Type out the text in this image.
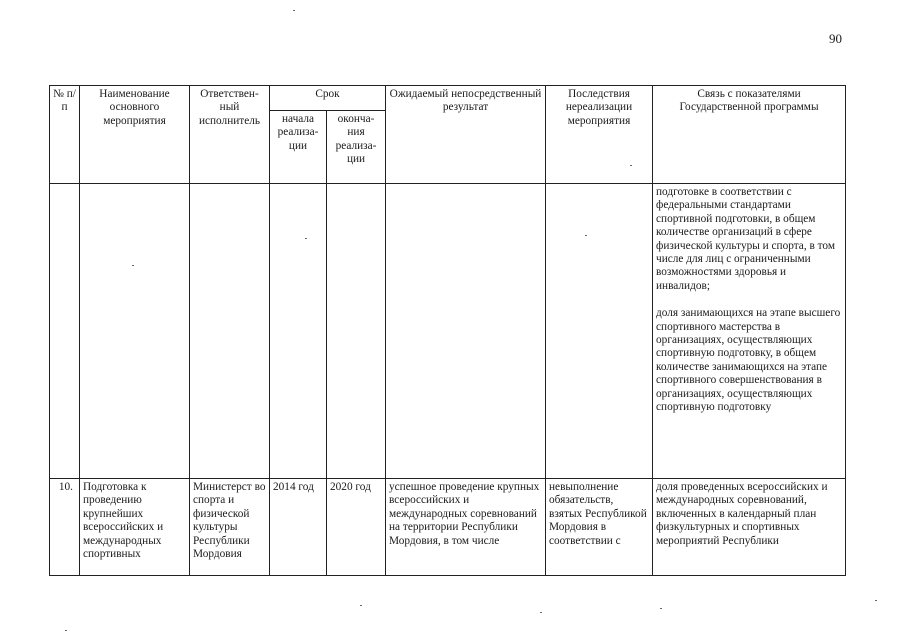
90
№ п/п	Наименование основного мероприятия	Ответствен-ный исполнитель	Срок		Ожидаемый непосредственный результат	Последствия нереализации мероприятия	Связь с показателями Государственной программы
			начала реализа-ции	оконча-ния реализа-ции			

							подготовке в соответствии с федеральными стандартами спортивной подготовки, в общем количестве организаций в сфере физической культуры и спорта, в том числе для лиц с ограниченными возможностями здоровья и инвалидов;

доля занимающихся на этапе высшего спортивного мастерства в организациях, осуществляющих спортивную подготовку, в общем количестве занимающихся на этапе спортивного совершенствования в организациях, осуществляющих спортивную подготовку

10.	Подготовка к проведению крупнейших всероссийских и международных спортивных	Министерст во спорта и физической культуры Республики Мордовия	2014 год	2020 год	успешное проведение крупных всероссийских и международных соревнований на территории Республики Мордовия, в том числе	невыполнение обязательств, взятых Республикой Мордовия в соответствии с	доля проведенных всероссийских и международных соревнований, включенных в календарный план физкультурных и спортивных мероприятий Республики
